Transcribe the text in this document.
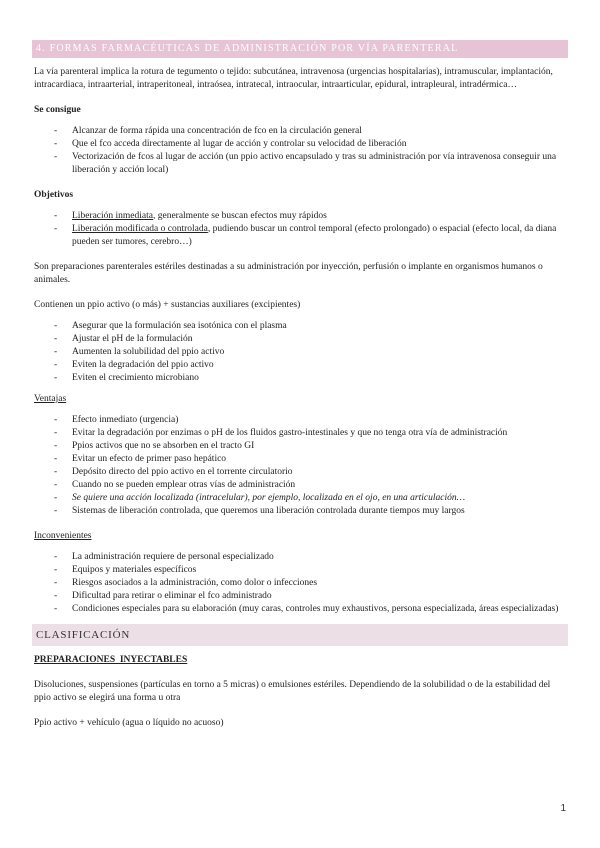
4. FORMAS FARMACÉUTICAS DE ADMINISTRACIÓN POR VÍA PARENTERAL

La vía parenteral implica la rotura de tegumento o tejido: subcutánea, intravenosa (urgencias hospitalarias), intramuscular, implantación, intracardiaca, intraarterial, intraperitoneal, intraósea, intratecal, intraocular, intraarticular, epidural, intrapleural, intradérmica…

Se consigue

- Alcanzar de forma rápida una concentración de fco en la circulación general
- Que el fco acceda directamente al lugar de acción y controlar su velocidad de liberación
- Vectorización de fcos al lugar de acción (un ppio activo encapsulado y tras su administración por vía intravenosa conseguir una liberación y acción local)

Objetivos

- Liberación inmediata, generalmente se buscan efectos muy rápidos
- Liberación modificada o controlada, pudiendo buscar un control temporal (efecto prolongado) o espacial (efecto local, da diana pueden ser tumores, cerebro…)

Son preparaciones parenterales estériles destinadas a su administración por inyección, perfusión o implante en organismos humanos o animales.

Contienen un ppio activo (o más) + sustancias auxiliares (excipientes)

- Asegurar que la formulación sea isotónica con el plasma
- Ajustar el pH de la formulación
- Aumenten la solubilidad del ppio activo
- Eviten la degradación del ppio activo
- Eviten el crecimiento microbiano

Ventajas

- Efecto inmediato (urgencia)
- Evitar la degradación por enzimas o pH de los fluidos gastro-intestinales y que no tenga otra vía de administración
- Ppios activos que no se absorben en el tracto GI
- Evitar un efecto de primer paso hepático
- Depósito directo del ppio activo en el torrente circulatorio
- Cuando no se pueden emplear otras vías de administración
- Se quiere una acción localizada (intracelular), por ejemplo, localizada en el ojo, en una articulación…
- Sistemas de liberación controlada, que queremos una liberación controlada durante tiempos muy largos

Inconvenientes

- La administración requiere de personal especializado
- Equipos y materiales específicos
- Riesgos asociados a la administración, como dolor o infecciones
- Dificultad para retirar o eliminar el fco administrado
- Condiciones especiales para su elaboración (muy caras, controles muy exhaustivos, persona especializada, áreas especializadas)
CLASIFICACIÓN

PREPARACIONES  INYECTABLES

Disoluciones, suspensiones (partículas en torno a 5 micras) o emulsiones estériles. Dependiendo de la solubilidad o de la estabilidad del ppio activo se elegirá una forma u otra

Ppio activo + vehículo (agua o líquido no acuoso)

1
